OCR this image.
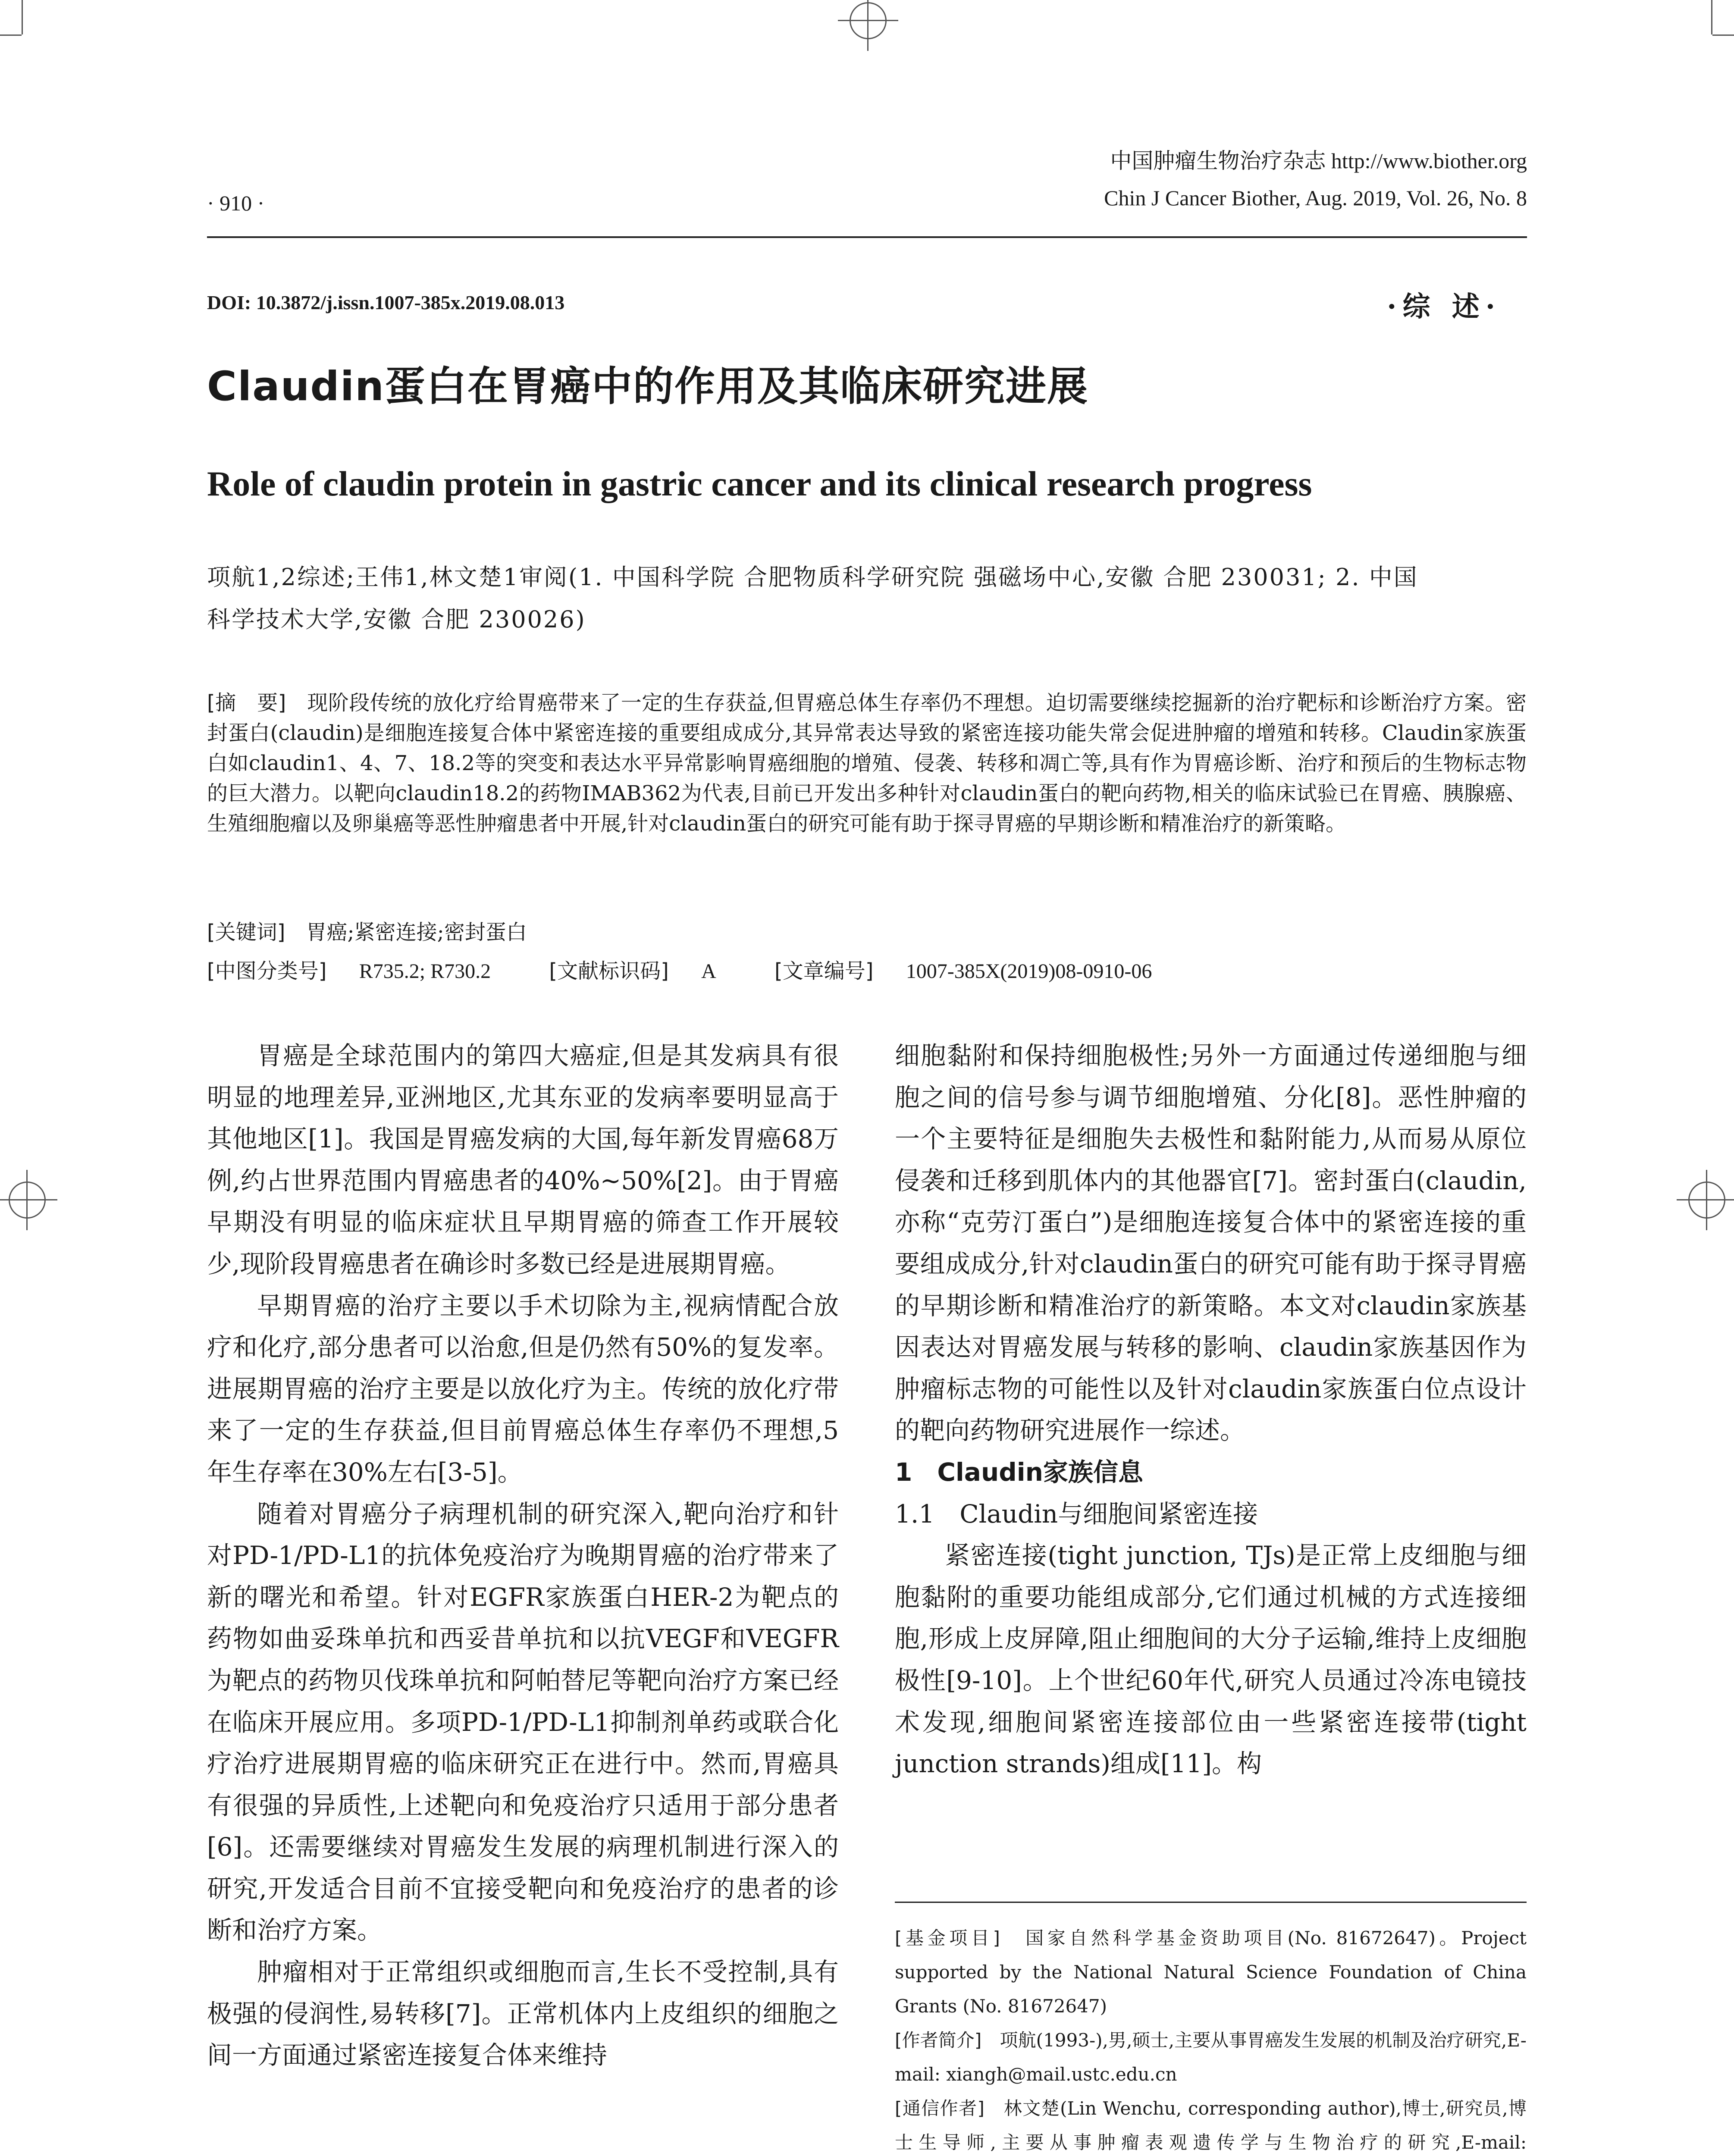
中国肿瘤生物治疗杂志 http://www.biother.org
Chin J Cancer Biother, Aug. 2019, Vol. 26, No. 8
· 910 ·
DOI: 10.3872/j.issn.1007-385x.2019.08.013	·综 述·
Claudin蛋白在胃癌中的作用及其临床研究进展
Role of claudin protein in gastric cancer and its clinical research progress
项航1,2综述;王伟1,林文楚1审阅(1. 中国科学院 合肥物质科学研究院 强磁场中心,安徽 合肥 230031; 2. 中国
科学技术大学,安徽 合肥 230026)

[摘　要]　 现阶段传统的放化疗给胃癌带来了一定的生存获益,但胃癌总体生存率仍不理想。迫切需要继续挖掘新的治疗靶标和诊断治疗方案。密封蛋白(claudin)是细胞连接复合体中紧密连接的重要组成成分,其异常表达导致的紧密连接功能失常会促进肿瘤的增殖和转移。Claudin家族蛋白如claudin1、4、7、18.2等的突变和表达水平异常影响胃癌细胞的增殖、侵袭、转移和凋亡等,具有作为胃癌诊断、治疗和预后的生物标志物的巨大潜力。以靶向claudin18.2的药物IMAB362为代表,目前已开发出多种针对claudin蛋白的靶向药物,相关的临床试验已在胃癌、胰腺癌、生殖细胞瘤以及卵巢癌等恶性肿瘤患者中开展,针对claudin蛋白的研究可能有助于探寻胃癌的早期诊断和精准治疗的新策略。

[关键词]　 胃癌;紧密连接;密封蛋白
[中图分类号] R735.2; R730.2	[文献标识码] A	[文章编号] 1007-385X(2019)08-0910-06

胃癌是全球范围内的第四大癌症,但是其发病具有很明显的地理差异,亚洲地区,尤其东亚的发病率要明显高于其他地区[1]。我国是胃癌发病的大国,每年新发胃癌68万例,约占世界范围内胃癌患者的40%~50%[2]。由于胃癌早期没有明显的临床症状且早期胃癌的筛查工作开展较少,现阶段胃癌患者在确诊时多数已经是进展期胃癌。

早期胃癌的治疗主要以手术切除为主,视病情配合放疗和化疗,部分患者可以治愈,但是仍然有50%的复发率。进展期胃癌的治疗主要是以放化疗为主。传统的放化疗带来了一定的生存获益,但目前胃癌总体生存率仍不理想,5年生存率在30%左右[3-5]。

随着对胃癌分子病理机制的研究深入,靶向治疗和针对PD-1/PD-L1的抗体免疫治疗为晚期胃癌的治疗带来了新的曙光和希望。针对EGFR家族蛋白HER-2为靶点的药物如曲妥珠单抗和西妥昔单抗和以抗VEGF和VEGFR为靶点的药物贝伐珠单抗和阿帕替尼等靶向治疗方案已经在临床开展应用。多项PD-1/PD-L1抑制剂单药或联合化疗治疗进展期胃癌的临床研究正在进行中。然而,胃癌具有很强的异质性,上述靶向和免疫治疗只适用于部分患者[6]。还需要继续对胃癌发生发展的病理机制进行深入的研究,开发适合目前不宜接受靶向和免疫治疗的患者的诊断和治疗方案。

肿瘤相对于正常组织或细胞而言,生长不受控制,具有极强的侵润性,易转移[7]。正常机体内上皮组织的细胞之间一方面通过紧密连接复合体来维持

细胞黏附和保持细胞极性;另外一方面通过传递细胞与细胞之间的信号参与调节细胞增殖、分化[8]。恶性肿瘤的一个主要特征是细胞失去极性和黏附能力,从而易从原位侵袭和迁移到肌体内的其他器官[7]。密封蛋白(claudin,亦称“克劳汀蛋白”)是细胞连接复合体中的紧密连接的重要组成成分,针对claudin蛋白的研究可能有助于探寻胃癌的早期诊断和精准治疗的新策略。本文对claudin家族基因表达对胃癌发展与转移的影响、claudin家族基因作为肿瘤标志物的可能性以及针对claudin家族蛋白位点设计的靶向药物研究进展作一综述。

1　Claudin家族信息

1.1　Claudin与细胞间紧密连接

紧密连接(tight junction, TJs)是正常上皮细胞与细胞黏附的重要功能组成部分,它们通过机械的方式连接细胞,形成上皮屏障,阻止细胞间的大分子运输,维持上皮细胞极性[9-10]。上个世纪60年代,研究人员通过冷冻电镜技术发现,细胞间紧密连接部位由一些紧密连接带(tight junction strands)组成[11]。构

[基金项目]　 国家自然科学基金资助项目(No. 81672647)。Project supported by the National Natural Science Foundation of China Grants (No. 81672647)

[作者简介]　 项航(1993-),男,硕士,主要从事胃癌发生发展的机制及治疗研究,E-mail: xiangh@mail.ustc.edu.cn

[通信作者]　 林文楚(Lin Wenchu, corresponding author),博士,研究员,博士生导师,主要从事肿瘤表观遗传学与生物治疗的研究,E-mail:
